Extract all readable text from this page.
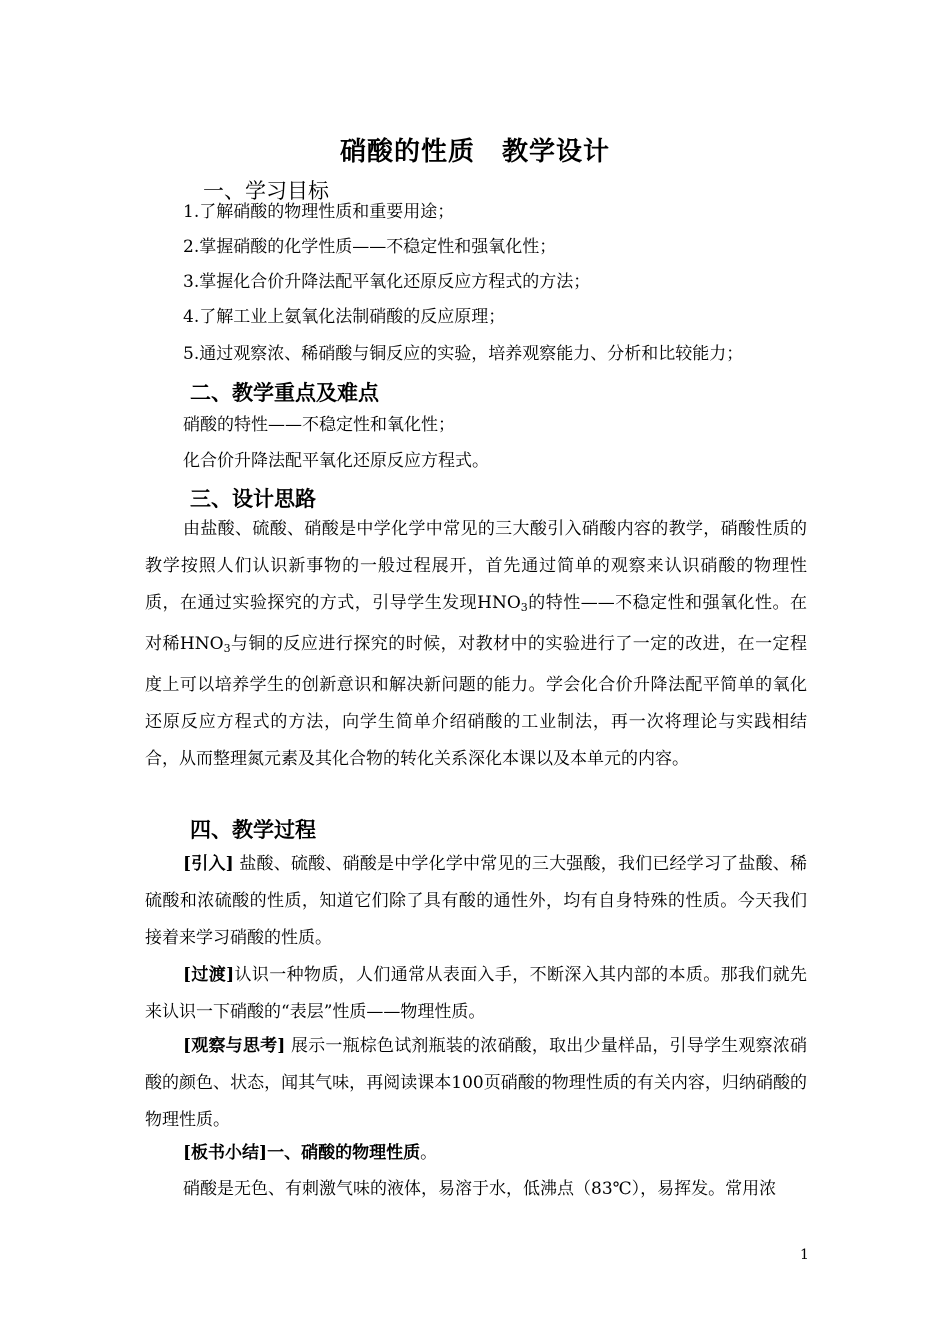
硝酸的性质　教学设计
一、学习目标
1.了解硝酸的物理性质和重要用途；
2.掌握硝酸的化学性质——不稳定性和强氧化性；
3.掌握化合价升降法配平氧化还原反应方程式的方法；
4.了解工业上氨氧化法制硝酸的反应原理；
5.通过观察浓、稀硝酸与铜反应的实验，培养观察能力、分析和比较能力；
二、教学重点及难点
硝酸的特性——不稳定性和氧化性；
化合价升降法配平氧化还原反应方程式。
三、设计思路
由盐酸、硫酸、硝酸是中学化学中常见的三大酸引入硝酸内容的教学，硝酸性质的教学按照人们认识新事物的一般过程展开，首先通过简单的观察来认识硝酸的物理性质，在通过实验探究的方式，引导学生发现$HNO_3$的特性——不稳定性和强氧化性。在对稀$HNO_3$与铜的反应进行探究的时候，对教材中的实验进行了一定的改进，在一定程度上可以培养学生的创新意识和解决新问题的能力。学会化合价升降法配平简单的氧化还原反应方程式的方法，向学生简单介绍硝酸的工业制法，再一次将理论与实践相结合，从而整理氮元素及其化合物的转化关系深化本课以及本单元的内容。
四、教学过程
[引入] 盐酸、硫酸、硝酸是中学化学中常见的三大强酸，我们已经学习了盐酸、稀硫酸和浓硫酸的性质，知道它们除了具有酸的通性外，均有自身特殊的性质。今天我们接着来学习硝酸的性质。
[过渡]认识一种物质，人们通常从表面入手，不断深入其内部的本质。那我们就先来认识一下硝酸的“表层”性质——物理性质。
[观察与思考] 展示一瓶棕色试剂瓶装的浓硝酸，取出少量样品，引导学生观察浓硝酸的颜色、状态，闻其气味，再阅读课本100页硝酸的物理性质的有关内容，归纳硝酸的物理性质。
[板书小结]一、硝酸的物理性质。
硝酸是无色、有刺激气味的液体，易溶于水，低沸点（83℃），易挥发。常用浓
1
